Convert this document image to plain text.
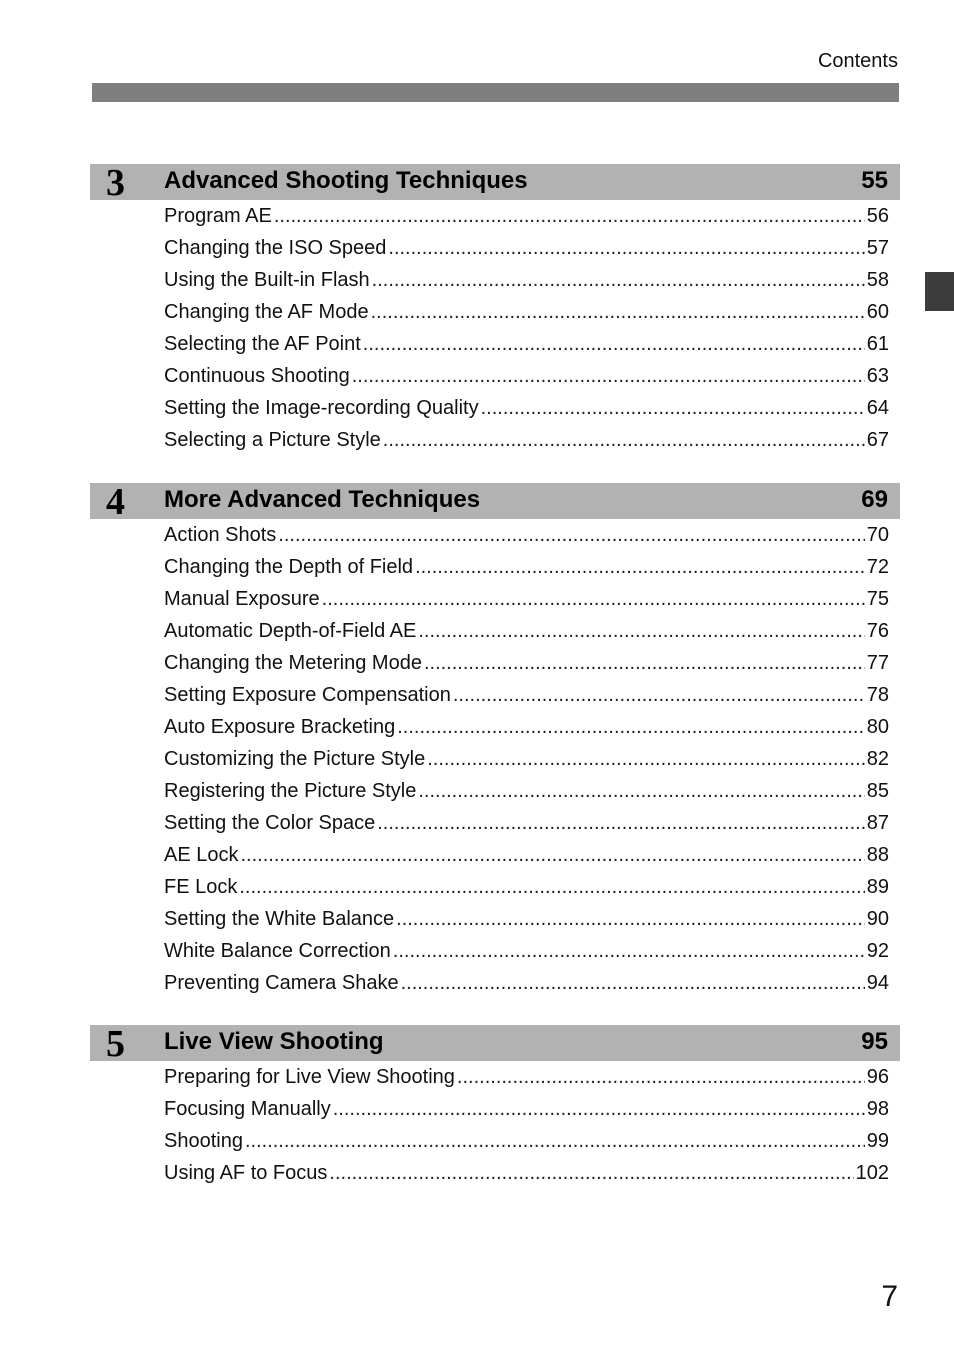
Contents
3	Advanced Shooting Techniques	55
Program AE .....	56
Changing the ISO Speed .....	57
Using the Built-in Flash .....	58
Changing the AF Mode .....	60
Selecting the AF Point .....	61
Continuous Shooting .....	63
Setting the Image-recording Quality .....	64
Selecting a Picture Style .....	67
4	More Advanced Techniques	69
Action Shots .....	70
Changing the Depth of Field .....	72
Manual Exposure .....	75
Automatic Depth-of-Field AE .....	76
Changing the Metering Mode .....	77
Setting Exposure Compensation .....	78
Auto Exposure Bracketing .....	80
Customizing the Picture Style .....	82
Registering the Picture Style .....	85
Setting the Color Space .....	87
AE Lock .....	88
FE Lock .....	89
Setting the White Balance .....	90
White Balance Correction .....	92
Preventing Camera Shake .....	94
5	Live View Shooting	95
Preparing for Live View Shooting .....	96
Focusing Manually .....	98
Shooting .....	99
Using AF to Focus .....	102
7
